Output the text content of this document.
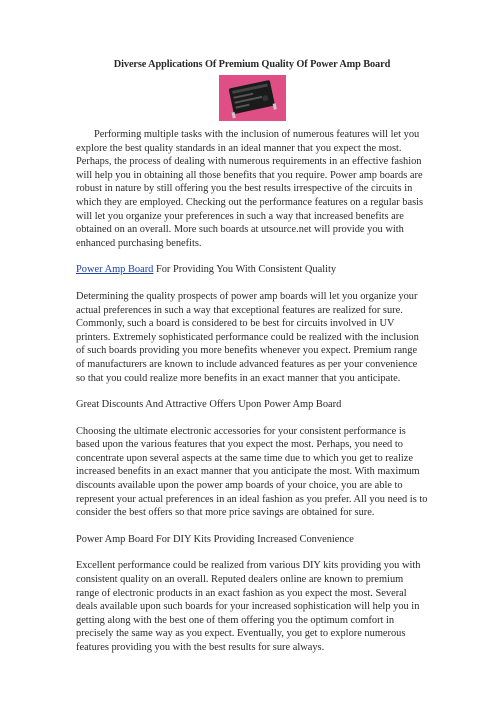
Diverse Applications Of Premium Quality Of Power Amp Board

Performing multiple tasks with the inclusion of numerous features will let you explore the best quality standards in an ideal manner that you expect the most. Perhaps, the process of dealing with numerous requirements in an effective fashion will help you in obtaining all those benefits that you require. Power amp boards are robust in nature by still offering you the best results irrespective of the circuits in which they are employed. Checking out the performance features on a regular basis will let you organize your preferences in such a way that increased benefits are obtained on an overall. More such boards at utsource.net will provide you with enhanced purchasing benefits.

Power Amp Board For Providing You With Consistent Quality

Determining the quality prospects of power amp boards will let you organize your actual preferences in such a way that exceptional features are realized for sure. Commonly, such a board is considered to be best for circuits involved in UV printers. Extremely sophisticated performance could be realized with the inclusion of such boards providing you more benefits whenever you expect. Premium range of manufacturers are known to include advanced features as per your convenience so that you could realize more benefits in an exact manner that you anticipate.

Great Discounts And Attractive Offers Upon Power Amp Board

Choosing the ultimate electronic accessories for your consistent performance is based upon the various features that you expect the most. Perhaps, you need to concentrate upon several aspects at the same time due to which you get to realize increased benefits in an exact manner that you anticipate the most. With maximum discounts available upon the power amp boards of your choice, you are able to represent your actual preferences in an ideal fashion as you prefer. All you need is to consider the best offers so that more price savings are obtained for sure.

Power Amp Board For DIY Kits Providing Increased Convenience

Excellent performance could be realized from various DIY kits providing you with consistent quality on an overall. Reputed dealers online are known to premium range of electronic products in an exact fashion as you expect the most. Several deals available upon such boards for your increased sophistication will help you in getting along with the best one of them offering you the optimum comfort in precisely the same way as you expect. Eventually, you get to explore numerous features providing you with the best results for sure always.
